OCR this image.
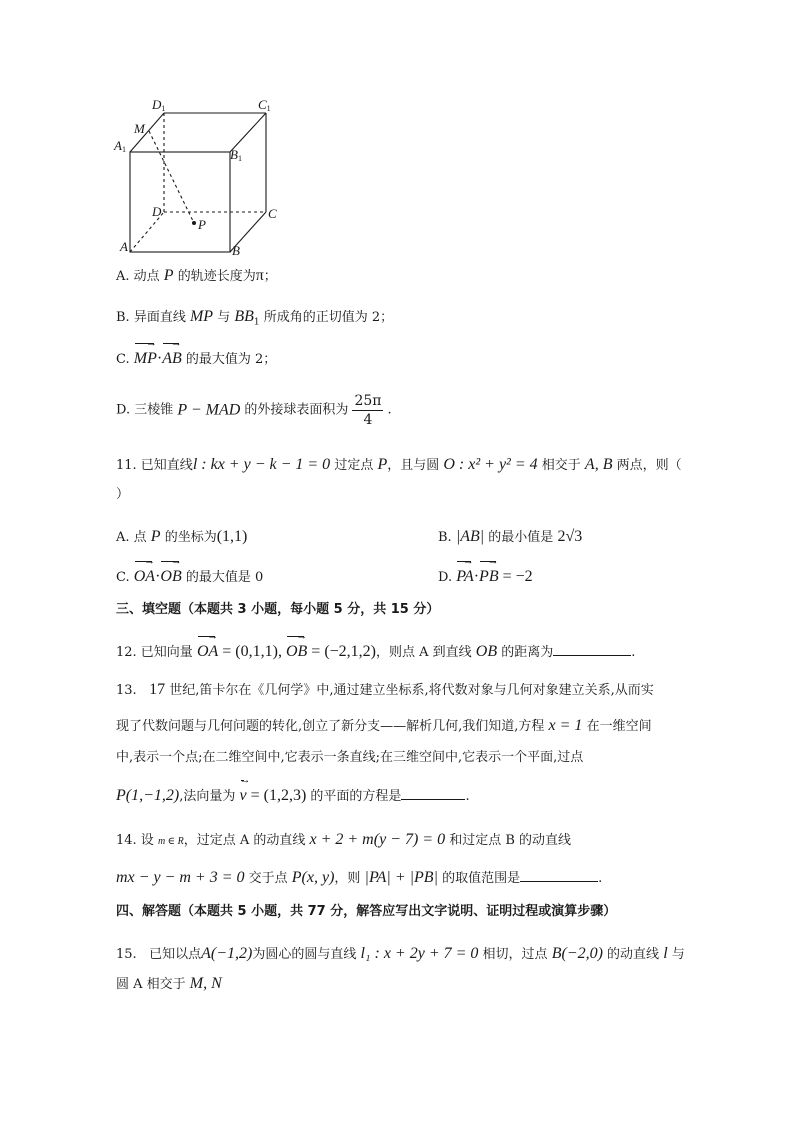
D1	C1
M
A1	B1
D	C
P
A	B
A. 动点 P 的轨迹长度为π；
B. 异面直线 MP 与 $BB_1$ 所成角的正切值为 2；
C. → MP·→ AB 的最大值为 2；
D. 三棱锥 P − MAD 的外接球表面积为 $\frac{25\pi}{4}$ .
11. 已知直线l : kx + y − k − 1 = 0 过定点 P，且与圆 O : x² + y² = 4 相交于 A, B 两点，则（
）
A. 点 P 的坐标为(1,1)	B. |AB| 的最小值是 2√3
C. → OA·→ OB 的最大值是 0	D. → PA·→ PB = −2
三、填空题（本题共 3 小题，每小题 5 分，共 15 分）
12. 已知向量 → OA = (0,1,1), → OB = (−2,1,2)，则点 A 到直线 OB 的距离为	.
13. 17 世纪,笛卡尔在《几何学》中,通过建立坐标系,将代数对象与几何对象建立关系,从而实
现了代数问题与几何问题的转化,创立了新分支——解析几何,我们知道,方程 x = 1 在一维空间
中,表示一个点;在二维空间中,它表示一条直线;在三维空间中,它表示一个平面,过点
P(1,−1,2),法向量为 → v = (1,2,3) 的平面的方程是	.
14. 设 m ∈ R，过定点 A 的动直线 x + 2 + m(y − 7) = 0 和过定点 B 的动直线
mx − y − m + 3 = 0 交于点 P(x, y)，则 |PA| + |PB| 的取值范围是	.
四、解答题（本题共 5 小题，共 77 分，解答应写出文字说明、证明过程或演算步骤）
15. 已知以点A(−1,2)为圆心的圆与直线 l₁ : x + 2y + 7 = 0 相切，过点 B(−2,0) 的动直线 l 与
圆 A 相交于 M, N
